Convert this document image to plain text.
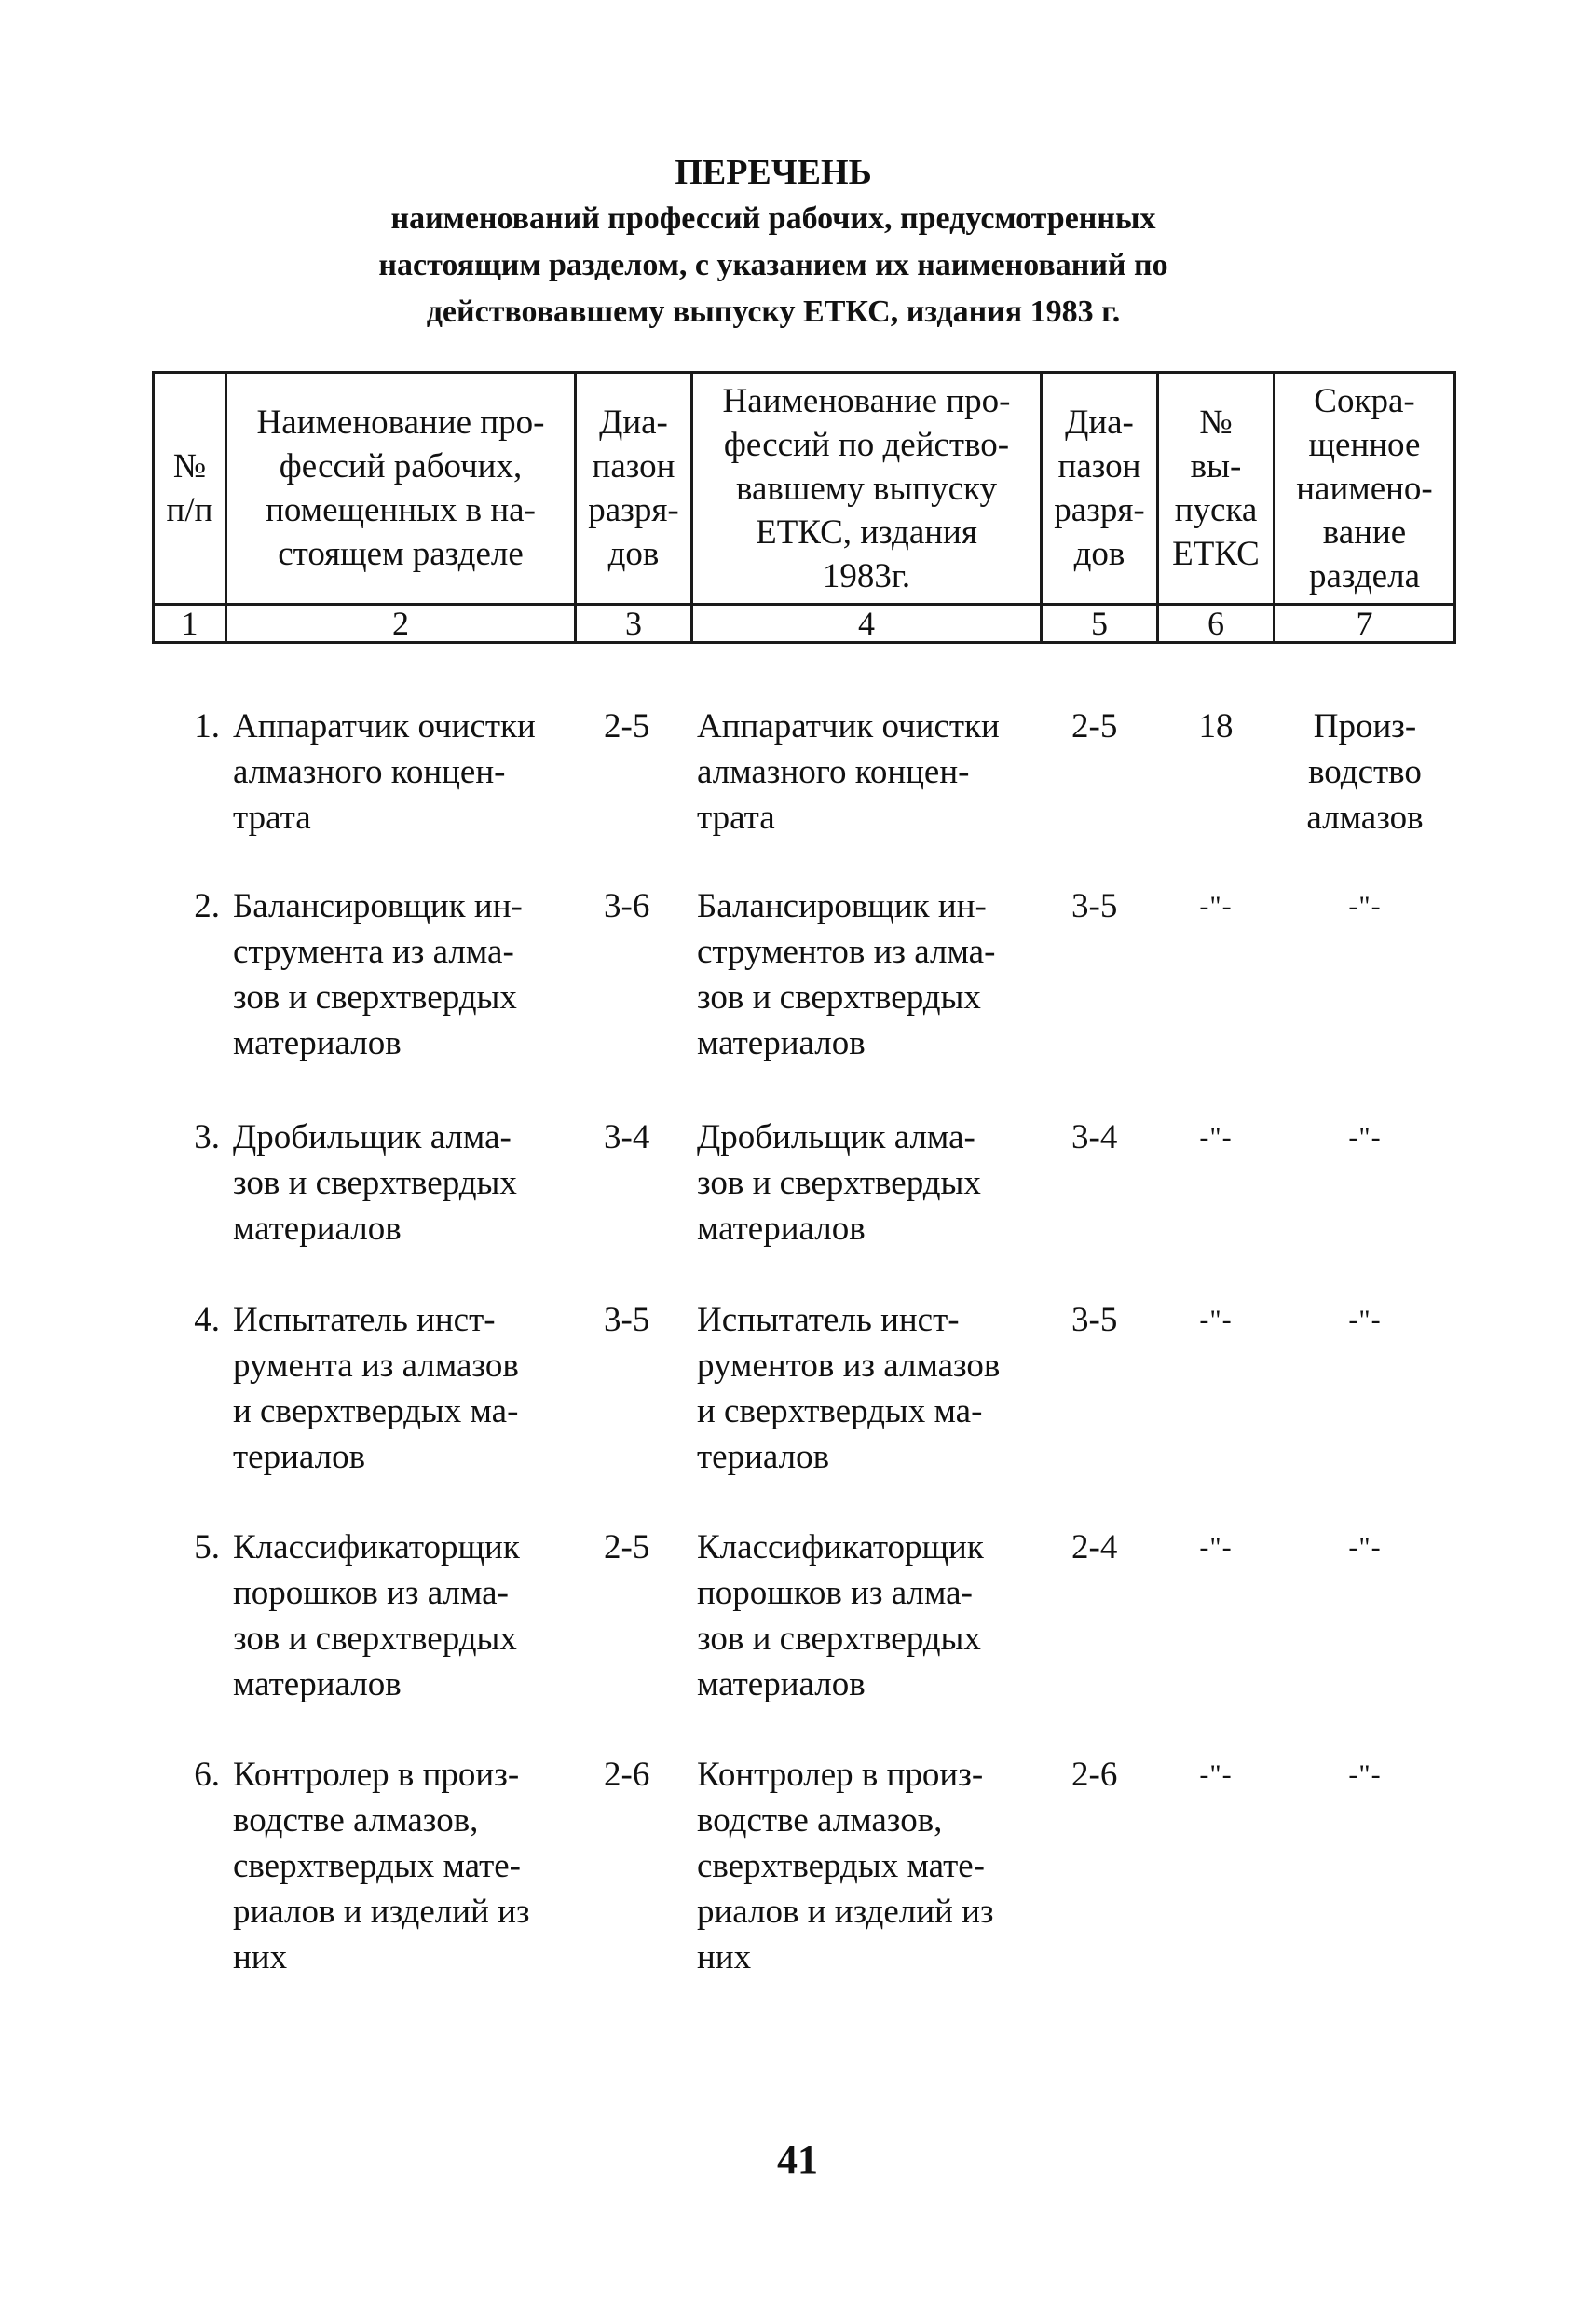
ПЕРЕЧЕНЬ
наименований профессий рабочих, предусмотренных
настоящим разделом, с указанием их наименований по
действовавшему выпуску ЕТКС, издания 1983 г.
№
п/п	Наименование про-
фессий рабочих,
помещенных в на-
стоящем разделе	Диа-
пазон
разря-
дов	Наименование про-
фессий по действо-
вавшему выпуску
ЕТКС, издания
1983г.	Диа-
пазон
разря-
дов	№
вы-
пуска
ЕТКС	Сокра-
щенное
наимено-
вание
раздела
1	2	3	4	5	6	7
1. Аппаратчик очистки
алмазного концен-
трата
2-5	Аппаратчик очистки
алмазного концен-
трата
2-5	18	Произ-
водство
алмазов
2. Балансировщик ин-
струмента из алма-
зов и сверхтвердых
материалов
3-6	Балансировщик ин-
струментов из алма-
зов и сверхтвердых
материалов
3-5	-"-	-"-
3. Дробильщик алма-
зов и сверхтвердых
материалов
3-4	Дробильщик алма-
зов и сверхтвердых
материалов
3-4	-"-	-"-
4. Испытатель инст-
румента из алмазов
и сверхтвердых ма-
териалов
3-5	Испытатель инст-
рументов из алмазов
и сверхтвердых ма-
териалов
3-5	-"-	-"-
5. Классификаторщик
порошков из алма-
зов и сверхтвердых
материалов
2-5	Классификаторщик
порошков из алма-
зов и сверхтвердых
материалов
2-4	-"-	-"-
6. Контролер в произ-
водстве алмазов,
сверхтвердых мате-
риалов и изделий из
них
2-6	Контролер в произ-
водстве алмазов,
сверхтвердых мате-
риалов и изделий из
них
2-6	-"-	-"-
41
